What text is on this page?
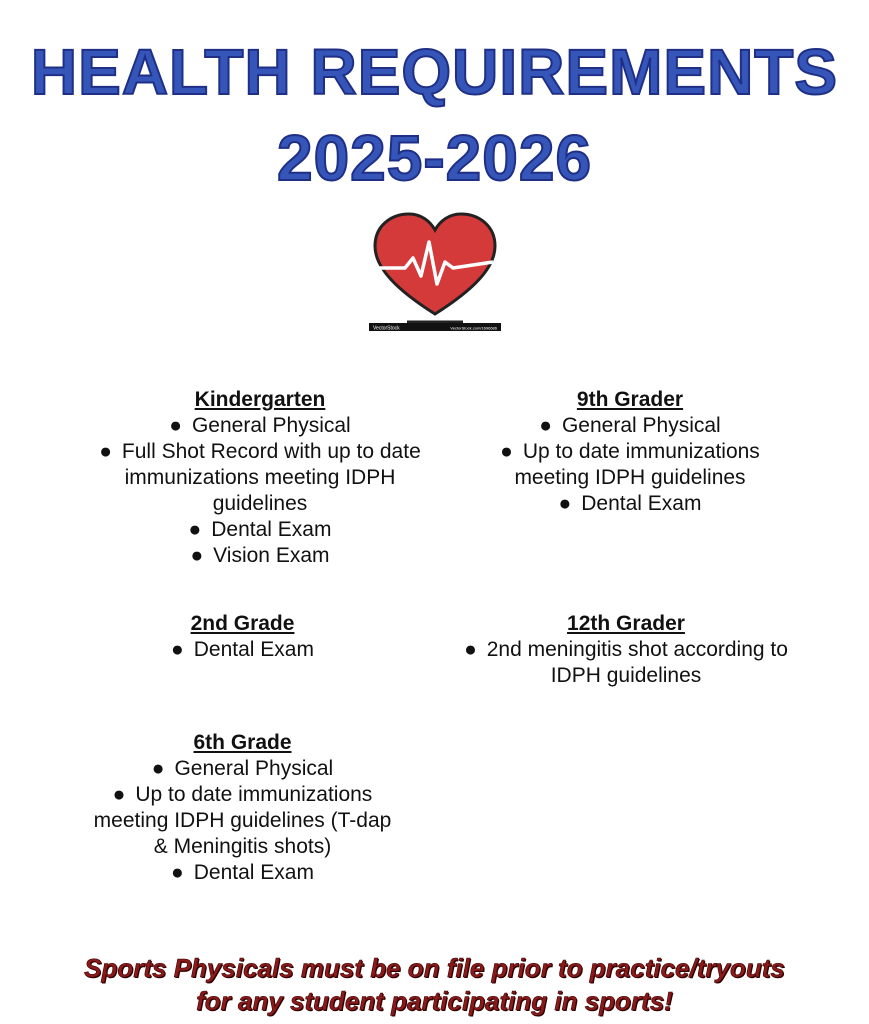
HEALTH REQUIREMENTS
2025-2026
VectorStock	VectorStock.com/1696686
Kindergarten
● General Physical
● Full Shot Record with up to date immunizations meeting IDPH guidelines
● Dental Exam
● Vision Exam
9th Grader
● General Physical
● Up to date immunizations meeting IDPH guidelines
● Dental Exam
2nd Grade
● Dental Exam
12th Grader
● 2nd meningitis shot according to IDPH guidelines
6th Grade
● General Physical
● Up to date immunizations meeting IDPH guidelines (T-dap & Meningitis shots)
● Dental Exam
Sports Physicals must be on file prior to practice/tryouts
for any student participating in sports!
